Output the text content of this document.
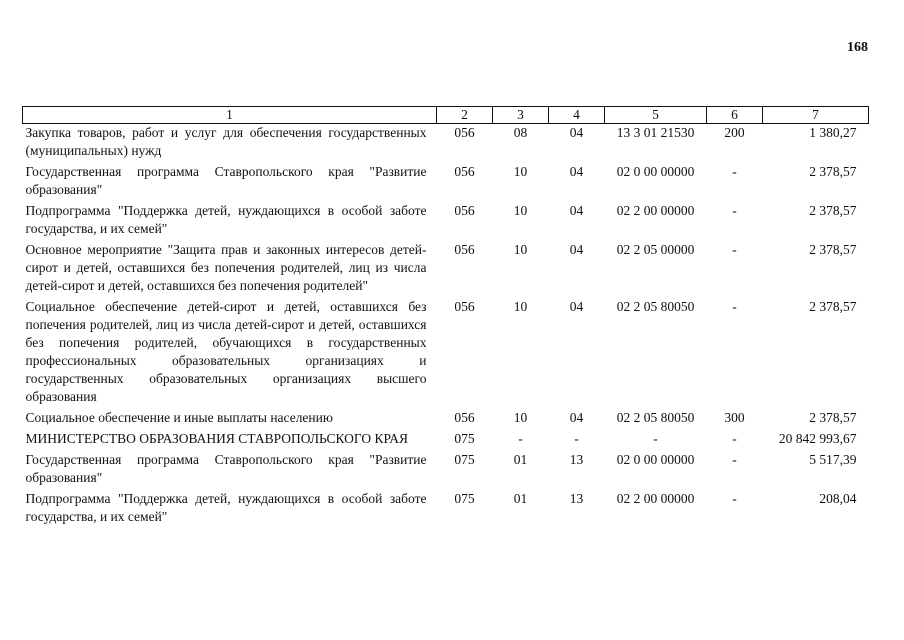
168
1	2	3	4	5	6	7
Закупка товаров, работ и услуг для обеспечения государственных (муниципальных) нужд	056	08	04	13 3 01 21530	200	1 380,27
Государственная программа Ставропольского края "Развитие образования"	056	10	04	02 0 00 00000	-	2 378,57
Подпрограмма "Поддержка детей, нуждающихся в особой заботе государства, и их семей"	056	10	04	02 2 00 00000	-	2 378,57
Основное мероприятие "Защита прав и законных интересов детей-сирот и детей, оставшихся без попечения родителей, лиц из числа детей-сирот и детей, оставшихся без попечения родителей"	056	10	04	02 2 05 00000	-	2 378,57
Социальное обеспечение детей-сирот и детей, оставшихся без попечения родителей, лиц из числа детей-сирот и детей, оставшихся без попечения родителей, обучающихся в государственных профессиональных образовательных организациях и государственных образовательных организациях высшего образования	056	10	04	02 2 05 80050	-	2 378,57
Социальное обеспечение и иные выплаты населению	056	10	04	02 2 05 80050	300	2 378,57
МИНИСТЕРСТВО ОБРАЗОВАНИЯ СТАВРОПОЛЬСКОГО КРАЯ	075	-	-	-	-	20 842 993,67
Государственная программа Ставропольского края "Развитие образования"	075	01	13	02 0 00 00000	-	5 517,39
Подпрограмма "Поддержка детей, нуждающихся в особой заботе государства, и их семей"	075	01	13	02 2 00 00000	-	208,04
